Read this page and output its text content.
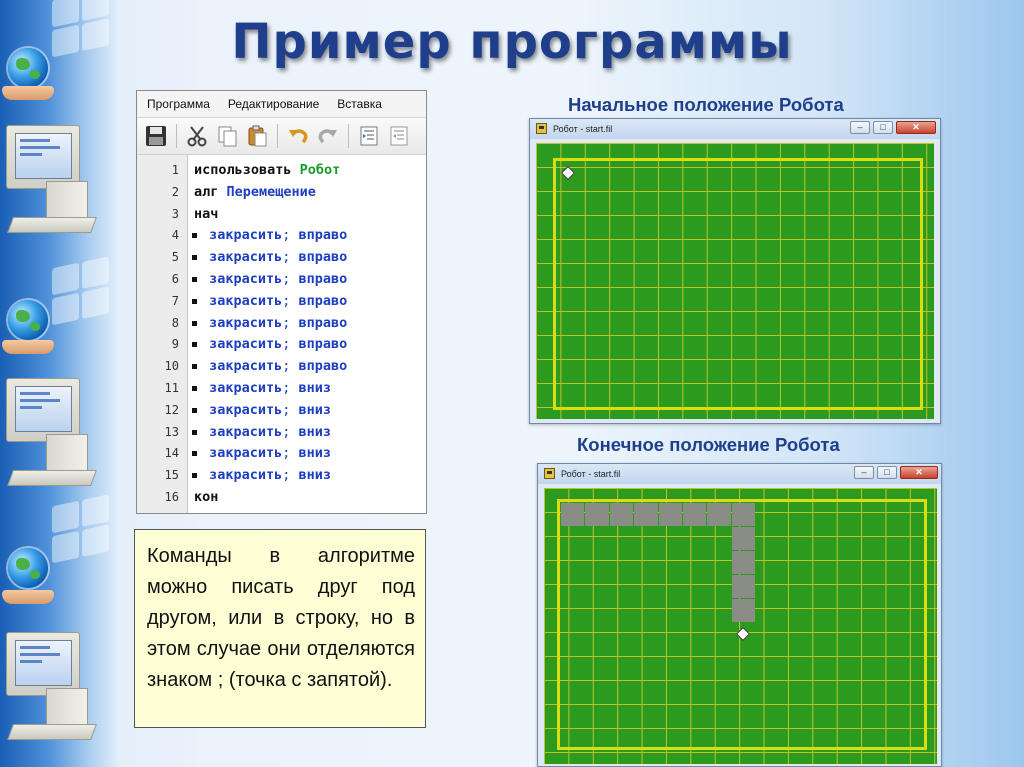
Пример программы
Программа	Редактирование	Вставка
1 использовать Робот
2 алг Перемещение
3 нач
4 закрасить; вправо
5 закрасить; вправо
6 закрасить; вправо
7 закрасить; вправо
8 закрасить; вправо
9 закрасить; вправо
10 закрасить; вправо
11 закрасить; вниз
12 закрасить; вниз
13 закрасить; вниз
14 закрасить; вниз
15 закрасить; вниз
16 кон
Команды в алгоритме можно писать друг под другом, или в строку, но в этом случае они отделяются знаком ; (точка с запятой).
Начальное положение Робота
Конечное положение Робота
Робот - start.fil	–	□	✕
Робот - start.fil	–	□	✕
